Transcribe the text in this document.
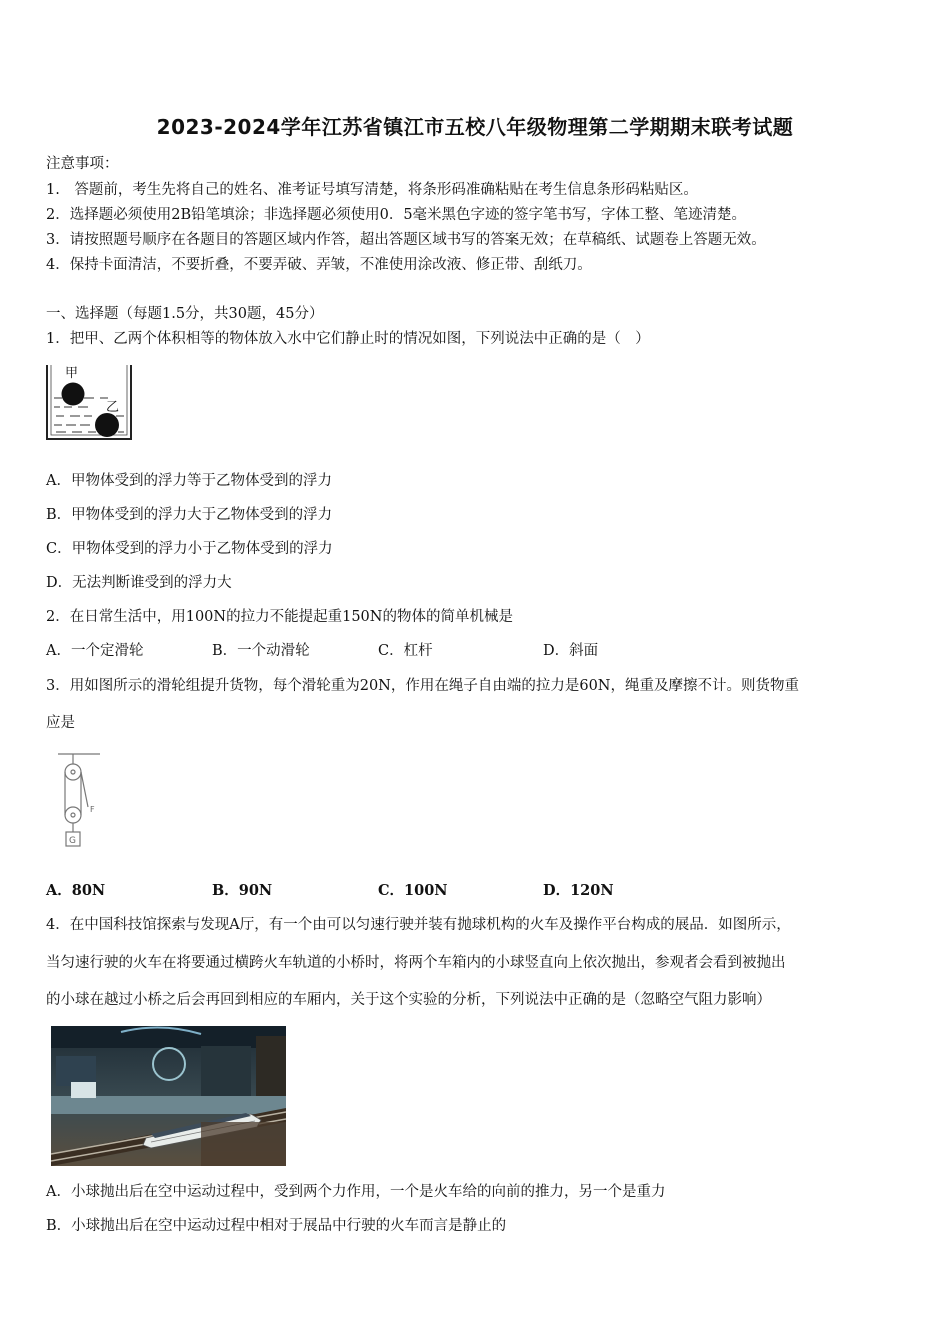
2023-2024学年江苏省镇江市五校八年级物理第二学期期末联考试题
注意事项：
1.　答题前，考生先将自己的姓名、准考证号填写清楚，将条形码准确粘贴在考生信息条形码粘贴区。
2．选择题必须使用2B铅笔填涂；非选择题必须使用0．5毫米黑色字迹的签字笔书写，字体工整、笔迹清楚。
3．请按照题号顺序在各题目的答题区域内作答，超出答题区域书写的答案无效；在草稿纸、试题卷上答题无效。
4．保持卡面清洁，不要折叠，不要弄破、弄皱，不准使用涂改液、修正带、刮纸刀。
一、选择题（每题1.5分，共30题，45分）
1．把甲、乙两个体积相等的物体放入水中它们静止时的情况如图，下列说法中正确的是（　）
甲
乙
A．甲物体受到的浮力等于乙物体受到的浮力
B．甲物体受到的浮力大于乙物体受到的浮力
C．甲物体受到的浮力小于乙物体受到的浮力
D．无法判断谁受到的浮力大
2．在日常生活中，用100N的拉力不能提起重150N的物体的简单机械是
A．一个定滑轮	B．一个动滑轮	C．杠杆	D．斜面
3．用如图所示的滑轮组提升货物，每个滑轮重为20N，作用在绳子自由端的拉力是60N，绳重及摩擦不计。则货物重
应是
F
G
A．80N	B．90N	C．100N	D．120N
4．在中国科技馆探索与发现A厅，有一个由可以匀速行驶并装有抛球机构的火车及操作平台构成的展品．如图所示，
当匀速行驶的火车在将要通过横跨火车轨道的小桥时，将两个车箱内的小球竖直向上依次抛出，参观者会看到被抛出
的小球在越过小桥之后会再回到相应的车厢内，关于这个实验的分析，下列说法中正确的是（忽略空气阻力影响）
A．小球抛出后在空中运动过程中，受到两个力作用，一个是火车给的向前的推力，另一个是重力
B．小球抛出后在空中运动过程中相对于展品中行驶的火车而言是静止的
